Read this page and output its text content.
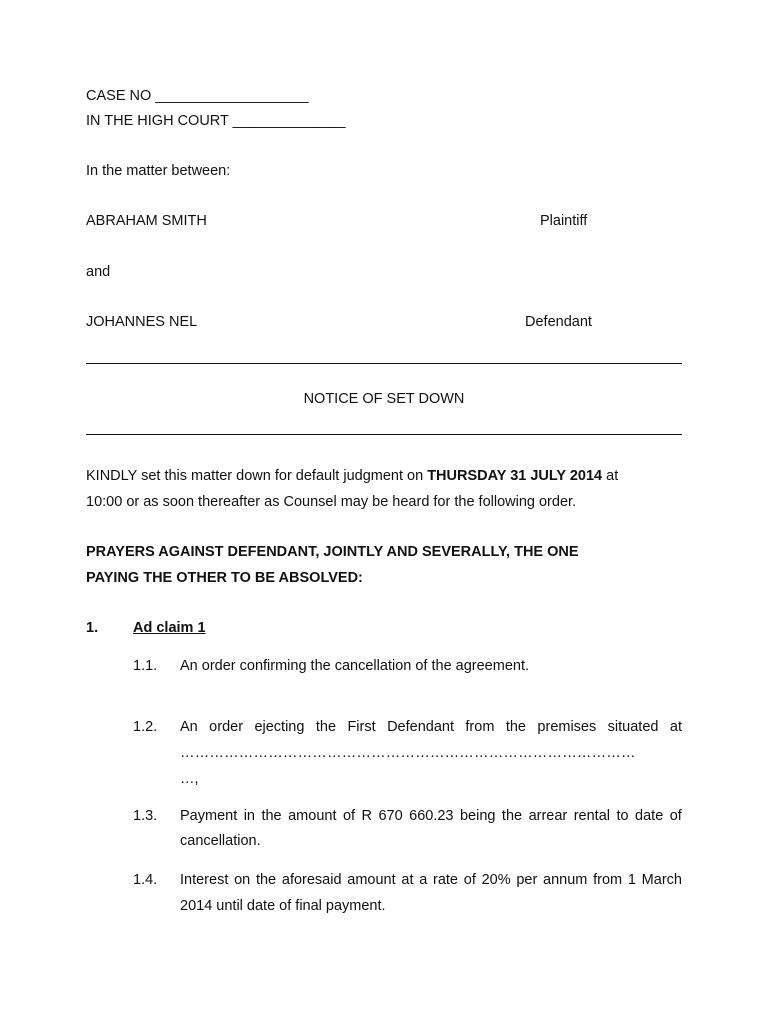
CASE NO ___________________
IN THE HIGH COURT ______________
In the matter between:
ABRAHAM SMITH	Plaintiff
and
JOHANNES NEL	Defendant
NOTICE OF SET DOWN
KINDLY set this matter down for default judgment on THURSDAY 31 JULY 2014 at
10:00 or as soon thereafter as Counsel may be heard for the following order.
PRAYERS AGAINST DEFENDANT, JOINTLY AND SEVERALLY, THE ONE
PAYING THE OTHER TO BE ABSOLVED:
1. Ad claim 1
1.1. An order confirming the cancellation of the agreement.
1.2. An order ejecting the First Defendant from the premises situated at
…………………………………………………………………………………
…,
1.3. Payment in the amount of R 670 660.23 being the arrear rental to date of
cancellation.
1.4. Interest on the aforesaid amount at a rate of 20% per annum from 1 March
2014 until date of final payment.
